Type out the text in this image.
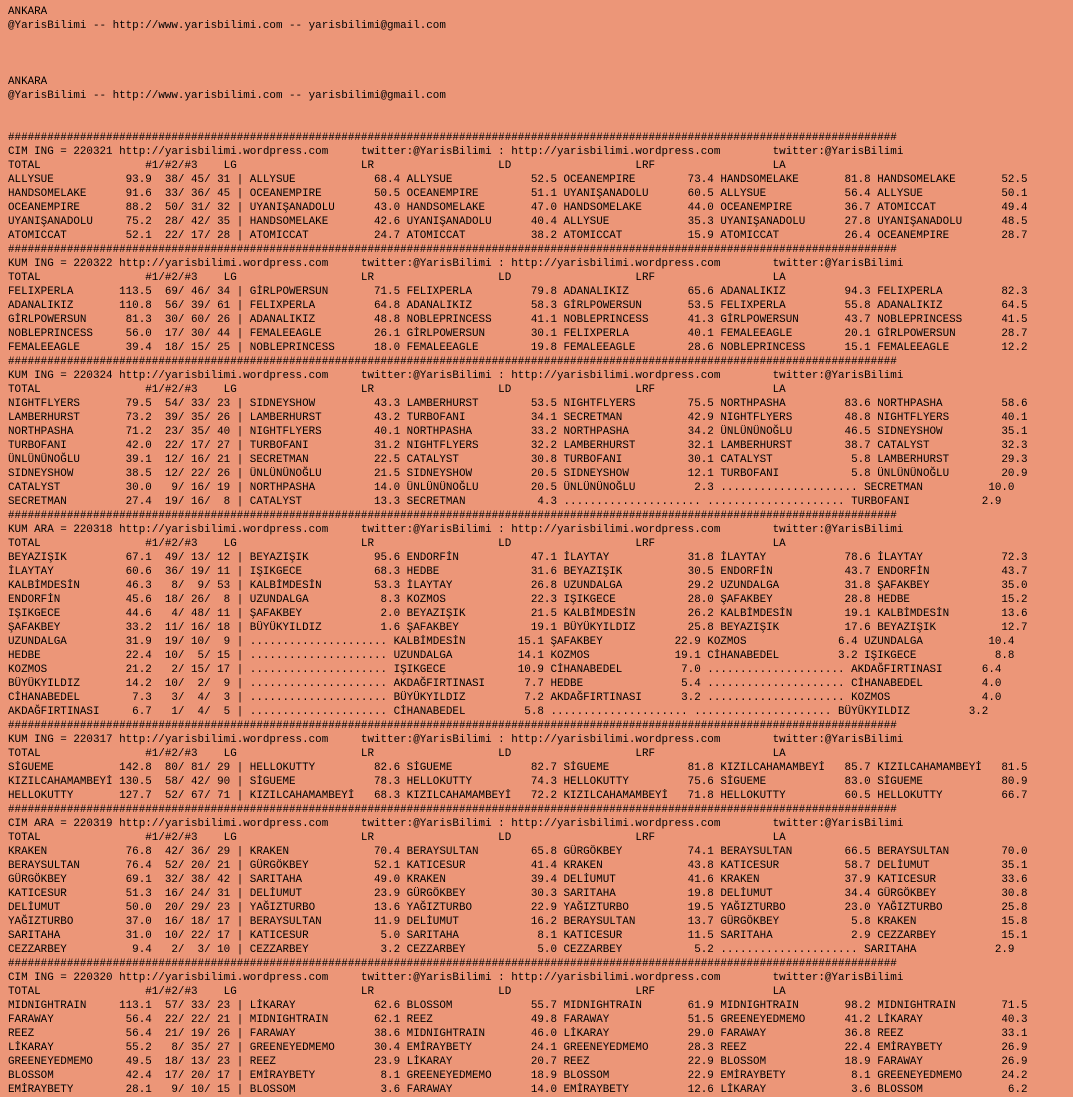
ANKARA
@YarisBilimi -- http://www.yarisbilimi.com -- yarisbilimi@gmail.com
ANKARA
@YarisBilimi -- http://www.yarisbilimi.com -- yarisbilimi@gmail.com
########################################################################################################################################
CIM ING = 220321 http://yarisbilimi.wordpress.com     twitter:@YarisBilimi : http://yarisbilimi.wordpress.com        twitter:@YarisBilimi
TOTAL                #1/#2/#3    LG                   LR                   LD                   LRF                  LA
ALLYSUE           93.9  38/ 45/ 31 | ALLYSUE            68.4 ALLYSUE            52.5 OCEANEMPIRE        73.4 HANDSOMELAKE       81.8 HANDSOMELAKE       52.5
HANDSOMELAKE      91.6  33/ 36/ 45 | OCEANEMPIRE        50.5 OCEANEMPIRE        51.1 UYANIŞANADOLU      60.5 ALLYSUE            56.4 ALLYSUE            50.1
OCEANEMPIRE       88.2  50/ 31/ 32 | UYANIŞANADOLU      43.0 HANDSOMELAKE       47.0 HANDSOMELAKE       44.0 OCEANEMPIRE        36.7 ATOMICCAT          49.4
UYANIŞANADOLU     75.2  28/ 42/ 35 | HANDSOMELAKE       42.6 UYANIŞANADOLU      40.4 ALLYSUE            35.3 UYANIŞANADOLU      27.8 UYANIŞANADOLU      48.5
ATOMICCAT         52.1  22/ 17/ 28 | ATOMICCAT          24.7 ATOMICCAT          38.2 ATOMICCAT          15.9 ATOMICCAT          26.4 OCEANEMPIRE        28.7
########################################################################################################################################
KUM ING = 220322 http://yarisbilimi.wordpress.com     twitter:@YarisBilimi : http://yarisbilimi.wordpress.com        twitter:@YarisBilimi
TOTAL                #1/#2/#3    LG                   LR                   LD                   LRF                  LA
FELIXPERLA       113.5  69/ 46/ 34 | GİRLPOWERSUN       71.5 FELIXPERLA         79.8 ADANALIKIZ         65.6 ADANALIKIZ         94.3 FELIXPERLA         82.3
ADANALIKIZ       110.8  56/ 39/ 61 | FELIXPERLA         64.8 ADANALIKIZ         58.3 GİRLPOWERSUN       53.5 FELIXPERLA         55.8 ADANALIKIZ         64.5
GİRLPOWERSUN      81.3  30/ 60/ 26 | ADANALIKIZ         48.8 NOBLEPRINCESS      41.1 NOBLEPRINCESS      41.3 GİRLPOWERSUN       43.7 NOBLEPRINCESS      41.5
NOBLEPRINCESS     56.0  17/ 30/ 44 | FEMALEEAGLE        26.1 GİRLPOWERSUN       30.1 FELIXPERLA         40.1 FEMALEEAGLE        20.1 GİRLPOWERSUN       28.7
FEMALEEAGLE       39.4  18/ 15/ 25 | NOBLEPRINCESS      18.0 FEMALEEAGLE        19.8 FEMALEEAGLE        28.6 NOBLEPRINCESS      15.1 FEMALEEAGLE        12.2
########################################################################################################################################
KUM ING = 220324 http://yarisbilimi.wordpress.com     twitter:@YarisBilimi : http://yarisbilimi.wordpress.com        twitter:@YarisBilimi
TOTAL                #1/#2/#3    LG                   LR                   LD                   LRF                  LA
NIGHTFLYERS       79.5  54/ 33/ 23 | SIDNEYSHOW         43.3 LAMBERHURST        53.5 NIGHTFLYERS        75.5 NORTHPASHA         83.6 NORTHPASHA         58.6
LAMBERHURST       73.2  39/ 35/ 26 | LAMBERHURST        43.2 TURBOFANI          34.1 SECRETMAN          42.9 NIGHTFLYERS        48.8 NIGHTFLYERS        40.1
NORTHPASHA        71.2  23/ 35/ 40 | NIGHTFLYERS        40.1 NORTHPASHA         33.2 NORTHPASHA         34.2 ÜNLÜNÜNOĞLU        46.5 SIDNEYSHOW         35.1
TURBOFANI         42.0  22/ 17/ 27 | TURBOFANI          31.2 NIGHTFLYERS        32.2 LAMBERHURST        32.1 LAMBERHURST        38.7 CATALYST           32.3
ÜNLÜNÜNOĞLU       39.1  12/ 16/ 21 | SECRETMAN          22.5 CATALYST           30.8 TURBOFANI          30.1 CATALYST            5.8 LAMBERHURST        29.3
SIDNEYSHOW        38.5  12/ 22/ 26 | ÜNLÜNÜNOĞLU        21.5 SIDNEYSHOW         20.5 SIDNEYSHOW         12.1 TURBOFANI           5.8 ÜNLÜNÜNOĞLU        20.9
CATALYST          30.0   9/ 16/ 19 | NORTHPASHA         14.0 ÜNLÜNÜNOĞLU        20.5 ÜNLÜNÜNOĞLU         2.3 ..................... SECRETMAN          10.0
SECRETMAN         27.4  19/ 16/  8 | CATALYST           13.3 SECRETMAN           4.3 ..................... ..................... TURBOFANI           2.9
########################################################################################################################################
KUM ARA = 220318 http://yarisbilimi.wordpress.com     twitter:@YarisBilimi : http://yarisbilimi.wordpress.com        twitter:@YarisBilimi
TOTAL                #1/#2/#3    LG                   LR                   LD                   LRF                  LA
BEYAZIŞIK         67.1  49/ 13/ 12 | BEYAZIŞIK          95.6 ENDORFİN           47.1 İLAYTAY            31.8 İLAYTAY            78.6 İLAYTAY            72.3
İLAYTAY           60.6  36/ 19/ 11 | IŞIKGECE           68.3 HEDBE              31.6 BEYAZIŞIK          30.5 ENDORFİN           43.7 ENDORFİN           43.7
KALBİMDESİN       46.3   8/  9/ 53 | KALBİMDESİN        53.3 İLAYTAY            26.8 UZUNDALGA          29.2 UZUNDALGA          31.8 ŞAFAKBEY           35.0
ENDORFİN          45.6  18/ 26/  8 | UZUNDALGA           8.3 KOZMOS             22.3 IŞIKGECE           28.0 ŞAFAKBEY           28.8 HEDBE              15.2
IŞIKGECE          44.6   4/ 48/ 11 | ŞAFAKBEY            2.0 BEYAZIŞIK          21.5 KALBİMDESİN        26.2 KALBİMDESİN        19.1 KALBİMDESİN        13.6
ŞAFAKBEY          33.2  11/ 16/ 18 | BÜYÜKYILDIZ         1.6 ŞAFAKBEY           19.1 BÜYÜKYILDIZ        25.8 BEYAZIŞIK          17.6 BEYAZIŞIK          12.7
UZUNDALGA         31.9  19/ 10/  9 | ..................... KALBİMDESİN        15.1 ŞAFAKBEY           22.9 KOZMOS              6.4 UZUNDALGA          10.4
HEDBE             22.4  10/  5/ 15 | ..................... UZUNDALGA          14.1 KOZMOS             19.1 CİHANABEDEL         3.2 IŞIKGECE            8.8
KOZMOS            21.2   2/ 15/ 17 | ..................... IŞIKGECE           10.9 CİHANABEDEL         7.0 ..................... AKDAĞFIRTINASI      6.4
BÜYÜKYILDIZ       14.2  10/  2/  9 | ..................... AKDAĞFIRTINASI      7.7 HEDBE               5.4 ..................... CİHANABEDEL         4.0
CİHANABEDEL        7.3   3/  4/  3 | ..................... BÜYÜKYILDIZ         7.2 AKDAĞFIRTINASI      3.2 ..................... KOZMOS              4.0
AKDAĞFIRTINASI     6.7   1/  4/  5 | ..................... CİHANABEDEL         5.8 ..................... ..................... BÜYÜKYILDIZ         3.2
########################################################################################################################################
KUM ING = 220317 http://yarisbilimi.wordpress.com     twitter:@YarisBilimi : http://yarisbilimi.wordpress.com        twitter:@YarisBilimi
TOTAL                #1/#2/#3    LG                   LR                   LD                   LRF                  LA
SİGUEME          142.8  80/ 81/ 29 | HELLOKUTTY         82.6 SİGUEME            82.7 SİGUEME            81.8 KIZILCAHAMAMBEYİ   85.7 KIZILCAHAMAMBEYİ   81.5
KIZILCAHAMAMBEYİ 130.5  58/ 42/ 90 | SİGUEME            78.3 HELLOKUTTY         74.3 HELLOKUTTY         75.6 SİGUEME            83.0 SİGUEME            80.9
HELLOKUTTY       127.7  52/ 67/ 71 | KIZILCAHAMAMBEYİ   68.3 KIZILCAHAMAMBEYİ   72.2 KIZILCAHAMAMBEYİ   71.8 HELLOKUTTY         60.5 HELLOKUTTY         66.7
########################################################################################################################################
CIM ARA = 220319 http://yarisbilimi.wordpress.com     twitter:@YarisBilimi : http://yarisbilimi.wordpress.com        twitter:@YarisBilimi
TOTAL                #1/#2/#3    LG                   LR                   LD                   LRF                  LA
KRAKEN            76.8  42/ 36/ 29 | KRAKEN             70.4 BERAYSULTAN        65.8 GÜRGÖKBEY          74.1 BERAYSULTAN        66.5 BERAYSULTAN        70.0
BERAYSULTAN       76.4  52/ 20/ 21 | GÜRGÖKBEY          52.1 KATICESUR          41.4 KRAKEN             43.8 KATICESUR          58.7 DELİUMUT           35.1
GÜRGÖKBEY         69.1  32/ 38/ 42 | SARITAHA           49.0 KRAKEN             39.4 DELİUMUT           41.6 KRAKEN             37.9 KATICESUR          33.6
KATICESUR         51.3  16/ 24/ 31 | DELİUMUT           23.9 GÜRGÖKBEY          30.3 SARITAHA           19.8 DELİUMUT           34.4 GÜRGÖKBEY          30.8
DELİUMUT          50.0  20/ 29/ 23 | YAĞIZTURBO         13.6 YAĞIZTURBO         22.9 YAĞIZTURBO         19.5 YAĞIZTURBO         23.0 YAĞIZTURBO         25.8
YAĞIZTURBO        37.0  16/ 18/ 17 | BERAYSULTAN        11.9 DELİUMUT           16.2 BERAYSULTAN        13.7 GÜRGÖKBEY           5.8 KRAKEN             15.8
SARITAHA          31.0  10/ 22/ 17 | KATICESUR           5.0 SARITAHA            8.1 KATICESUR          11.5 SARITAHA            2.9 CEZZARBEY          15.1
CEZZARBEY          9.4   2/  3/ 10 | CEZZARBEY           3.2 CEZZARBEY           5.0 CEZZARBEY           5.2 ..................... SARITAHA            2.9
########################################################################################################################################
CIM ING = 220320 http://yarisbilimi.wordpress.com     twitter:@YarisBilimi : http://yarisbilimi.wordpress.com        twitter:@YarisBilimi
TOTAL                #1/#2/#3    LG                   LR                   LD                   LRF                  LA
MIDNIGHTRAIN     113.1  57/ 33/ 23 | LİKARAY            62.6 BLOSSOM            55.7 MIDNIGHTRAIN       61.9 MIDNIGHTRAIN       98.2 MIDNIGHTRAIN       71.5
FARAWAY           56.4  22/ 22/ 21 | MIDNIGHTRAIN       62.1 REEZ               49.8 FARAWAY            51.5 GREENEYEDMEMO      41.2 LİKARAY            40.3
REEZ              56.4  21/ 19/ 26 | FARAWAY            38.6 MIDNIGHTRAIN       46.0 LİKARAY            29.0 FARAWAY            36.8 REEZ               33.1
LİKARAY           55.2   8/ 35/ 27 | GREENEYEDMEMO      30.4 EMİRAYBETY         24.1 GREENEYEDMEMO      28.3 REEZ               22.4 EMİRAYBETY         26.9
GREENEYEDMEMO     49.5  18/ 13/ 23 | REEZ               23.9 LİKARAY            20.7 REEZ               22.9 BLOSSOM            18.9 FARAWAY            26.9
BLOSSOM           42.4  17/ 20/ 17 | EMİRAYBETY          8.1 GREENEYEDMEMO      18.9 BLOSSOM            22.9 EMİRAYBETY          8.1 GREENEYEDMEMO      24.2
EMİRAYBETY        28.1   9/ 10/ 15 | BLOSSOM             3.6 FARAWAY            14.0 EMİRAYBETY         12.6 LİKARAY             3.6 BLOSSOM             6.2
